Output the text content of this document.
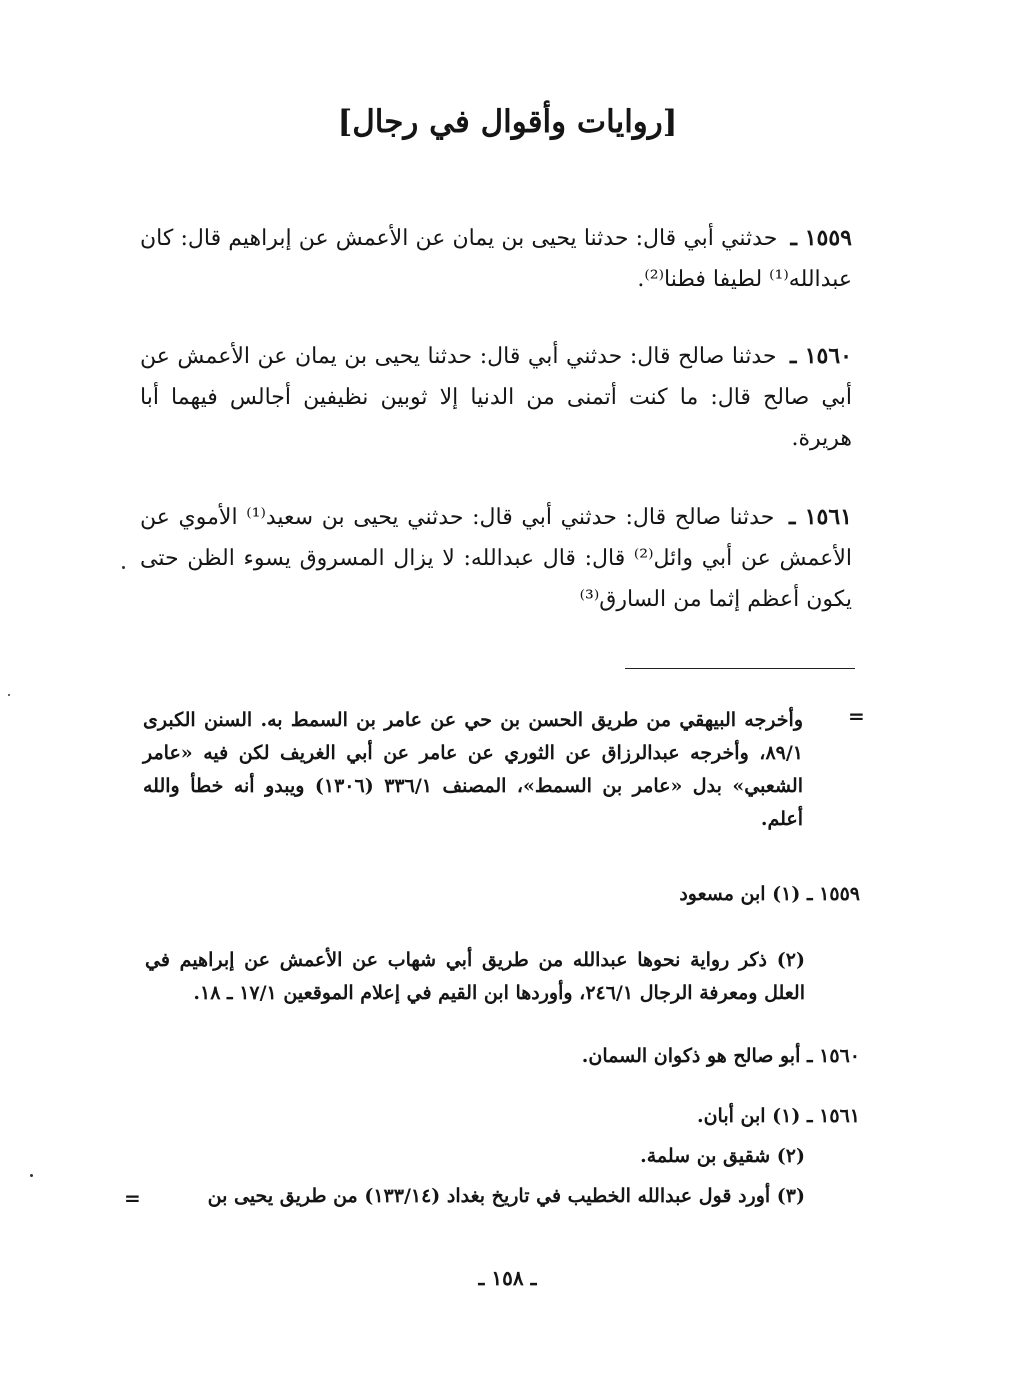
[روايات وأقوال في رجال]
١٥٥٩ ـ حدثني أبي قال: حدثنا يحيى بن يمان عن الأعمش عن إبراهيم قال: كان عبدالله⁽¹⁾ لطيفا فطنا⁽²⁾.
١٥٦٠ ـ حدثنا صالح قال: حدثني أبي قال: حدثنا يحيى بن يمان عن الأعمش عن أبي صالح قال: ما كنت أتمنى من الدنيا إلا ثوبين نظيفين أجالس فيهما أبا هريرة.
١٥٦١ ـ حدثنا صالح قال: حدثني أبي قال: حدثني يحيى بن سعيد⁽¹⁾ الأموي عن الأعمش عن أبي وائل⁽²⁾ قال: قال عبدالله: لا يزال المسروق يسوء الظن حتى يكون أعظم إثما من السارق⁽³⁾
=
وأخرجه البيهقي من طريق الحسن بن حي عن عامر بن السمط به. السنن الكبرى ٨٩/١، وأخرجه عبدالرزاق عن الثوري عن عامر عن أبي الغريف لكن فيه «عامر الشعبي» بدل «عامر بن السمط»، المصنف ٣٣٦/١ (١٣٠٦) ويبدو أنه خطأ والله أعلم.
١٥٥٩ ـ (١) ابن مسعود
(٢) ذكر رواية نحوها عبدالله من طريق أبي شهاب عن الأعمش عن إبراهيم في العلل ومعرفة الرجال ٢٤٦/١، وأوردها ابن القيم في إعلام الموقعين ١٧/١ ـ ١٨.
١٥٦٠ ـ أبو صالح هو ذكوان السمان.
١٥٦١ ـ (١) ابن أبان.
(٢) شقيق بن سلمة.
(٣) أورد قول عبدالله الخطيب في تاريخ بغداد (١٣٣/١٤) من طريق يحيى بن
=
ـ ١٥٨ ـ
